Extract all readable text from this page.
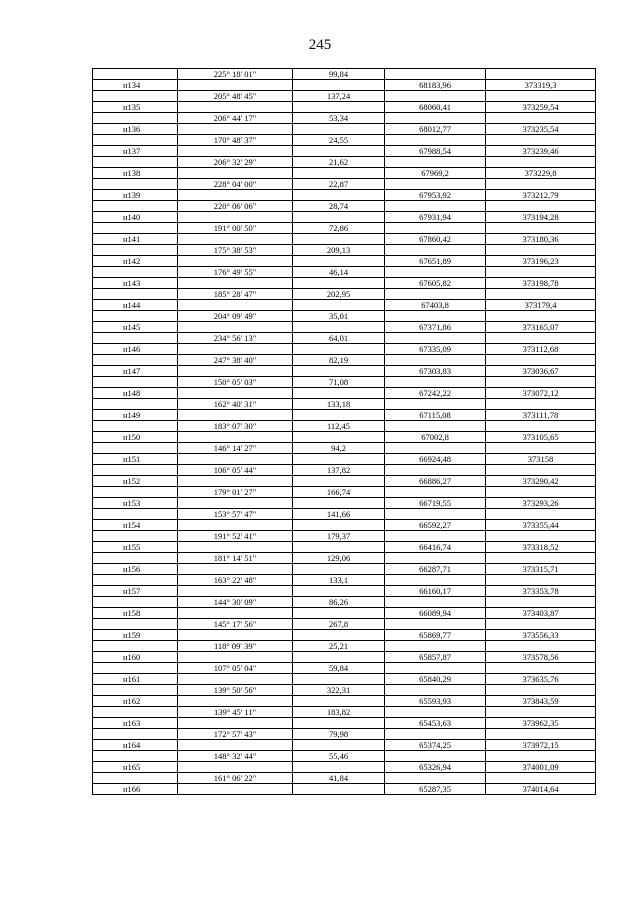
245
	225° 18' 01"	99,84		
н134			68183,96	373319,3
	205° 48' 45"	137,24		
н135			68060,41	373259,54
	206° 44' 17"	53,34		
н136			68012,77	373235,54
	170° 48' 37"	24,55		
н137			67988,54	373239,46
	206° 32' 29"	21,62		
н138			67969,2	373229,8
	228° 04' 00"	22,87		
н139			67953,92	373212,79
	220° 06' 06"	28,74		
н140			67931,94	373194,28
	191° 00' 50"	72,86		
н141			67860,42	373180,36
	175° 38' 53"	209,13		
н142			67651,89	373196,23
	176° 49' 55"	46,14		
н143			67605,82	373198,78
	185° 28' 47"	202,95		
н144			67403,8	373179,4
	204° 09' 49"	35,01		
н145			67371,86	373165,07
	234° 56' 13"	64,01		
н146			67335,09	373112,68
	247° 38' 40"	82,19		
н147			67303,83	373036,67
	150° 05' 03"	71,08		
н148			67242,22	373072,12
	162° 40' 31"	133,18		
н149			67115,08	373111,78
	183° 07' 30"	112,45		
н150			67002,8	373105,65
	146° 14' 27"	94,2		
н151			66924,48	373158
	106° 05' 44"	137,82		
н152			66886,27	373290,42
	179° 01' 27"	166,74		
н153			66719,55	373293,26
	153° 57' 47"	141,66		
н154			66592,27	373355,44
	191° 52' 41"	179,37		
н155			66416,74	373318,52
	181° 14' 51"	129,06		
н156			66287,71	373315,71
	163° 22' 48"	133,1		
н157			66160,17	373353,78
	144° 30' 09"	86,26		
н158			66089,94	373403,87
	145° 17' 56"	267,8		
н159			65869,77	373556,33
	118° 09' 39"	25,21		
н160			65857,87	373578,56
	107° 05' 04"	59,84		
н161			65840,29	373635,76
	139° 50' 56"	322,31		
н162			65593,93	373843,59
	139° 45' 11"	183,82		
н163			65453,63	373962,35
	172° 57' 43"	79,98		
н164			65374,25	373972,15
	148° 32' 44"	55,46		
н165			65326,94	374001,09
	161° 06' 22"	41,84		
н166			65287,35	374014,64
